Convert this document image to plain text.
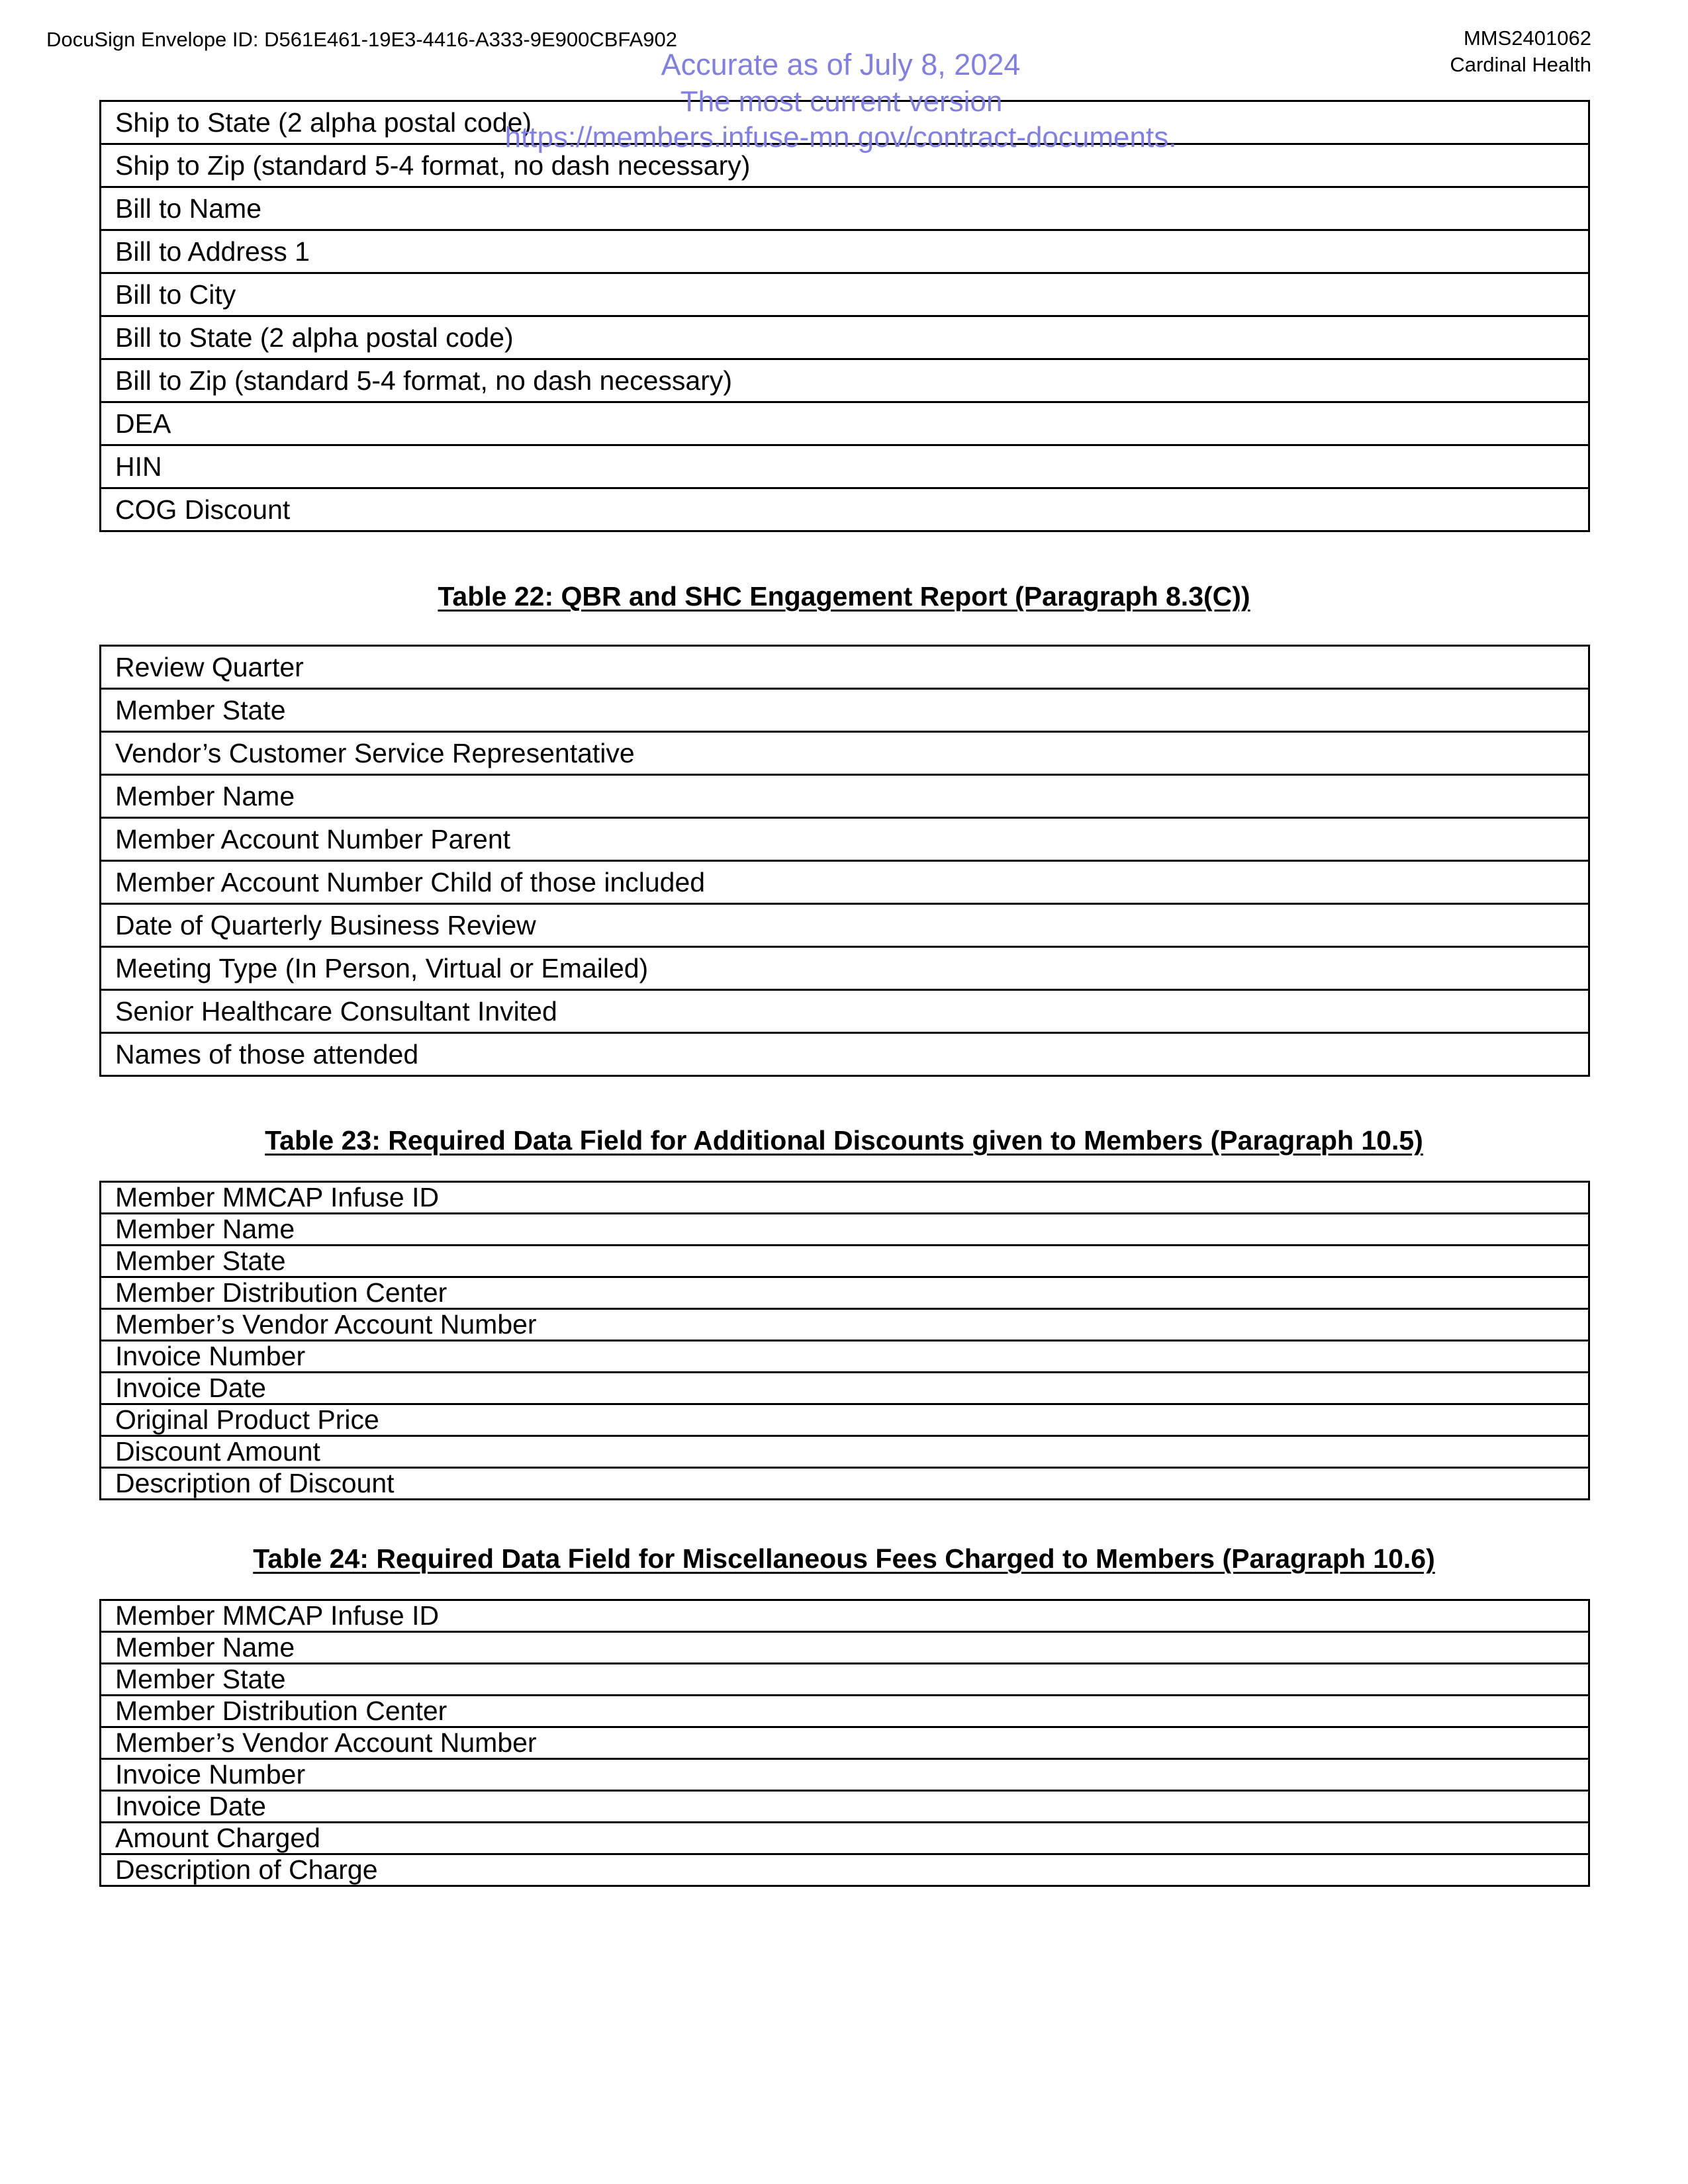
DocuSign Envelope ID: D561E461-19E3-4416-A333-9E900CBFA902	MMS2401062
Cardinal Health
Accurate as of July 8, 2024
The most current version
https://members.infuse-mn.gov/contract-documents.
Ship to State (2 alpha postal code)
Ship to Zip (standard 5-4 format, no dash necessary)
Bill to Name
Bill to Address 1
Bill to City
Bill to State (2 alpha postal code)
Bill to Zip (standard 5-4 format, no dash necessary)
DEA
HIN
COG Discount
Table 22: QBR and SHC Engagement Report (Paragraph 8.3(C))
Review Quarter
Member State
Vendor’s Customer Service Representative
Member Name
Member Account Number Parent
Member Account Number Child of those included
Date of Quarterly Business Review
Meeting Type (In Person, Virtual or Emailed)
Senior Healthcare Consultant Invited
Names of those attended
Table 23: Required Data Field for Additional Discounts given to Members (Paragraph 10.5)
Member MMCAP Infuse ID
Member Name
Member State
Member Distribution Center
Member’s Vendor Account Number
Invoice Number
Invoice Date
Original Product Price
Discount Amount
Description of Discount
Table 24: Required Data Field for Miscellaneous Fees Charged to Members (Paragraph 10.6)
Member MMCAP Infuse ID
Member Name
Member State
Member Distribution Center
Member’s Vendor Account Number
Invoice Number
Invoice Date
Amount Charged
Description of Charge
